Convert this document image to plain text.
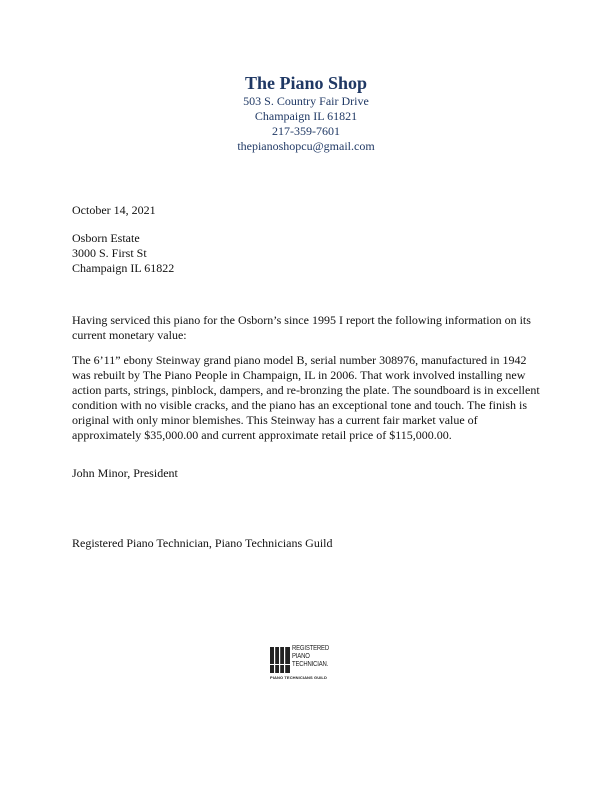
The Piano Shop
503 S. Country Fair Drive
Champaign IL 61821
217-359-7601
thepianoshopcu@gmail.com
October 14, 2021
Osborn Estate
3000 S. First St
Champaign IL 61822
Having serviced this piano for the Osborn’s since 1995 I report the following information on its current monetary value:
The 6’11” ebony Steinway grand piano model B, serial number 308976, manufactured in 1942 was rebuilt by The Piano People in Champaign, IL in 2006. That work involved installing new action parts, strings, pinblock, dampers, and re-bronzing the plate. The soundboard is in excellent condition with no visible cracks, and the piano has an exceptional tone and touch. The finish is original with only minor blemishes. This Steinway has a current fair market value of approximately $35,000.00 and current approximate retail price of $115,000.00.
John Minor, President
Registered Piano Technician, Piano Technicians Guild
REGISTERED
PIANO
TECHNICIAN.
PIANO TECHNICIANS GUILD
